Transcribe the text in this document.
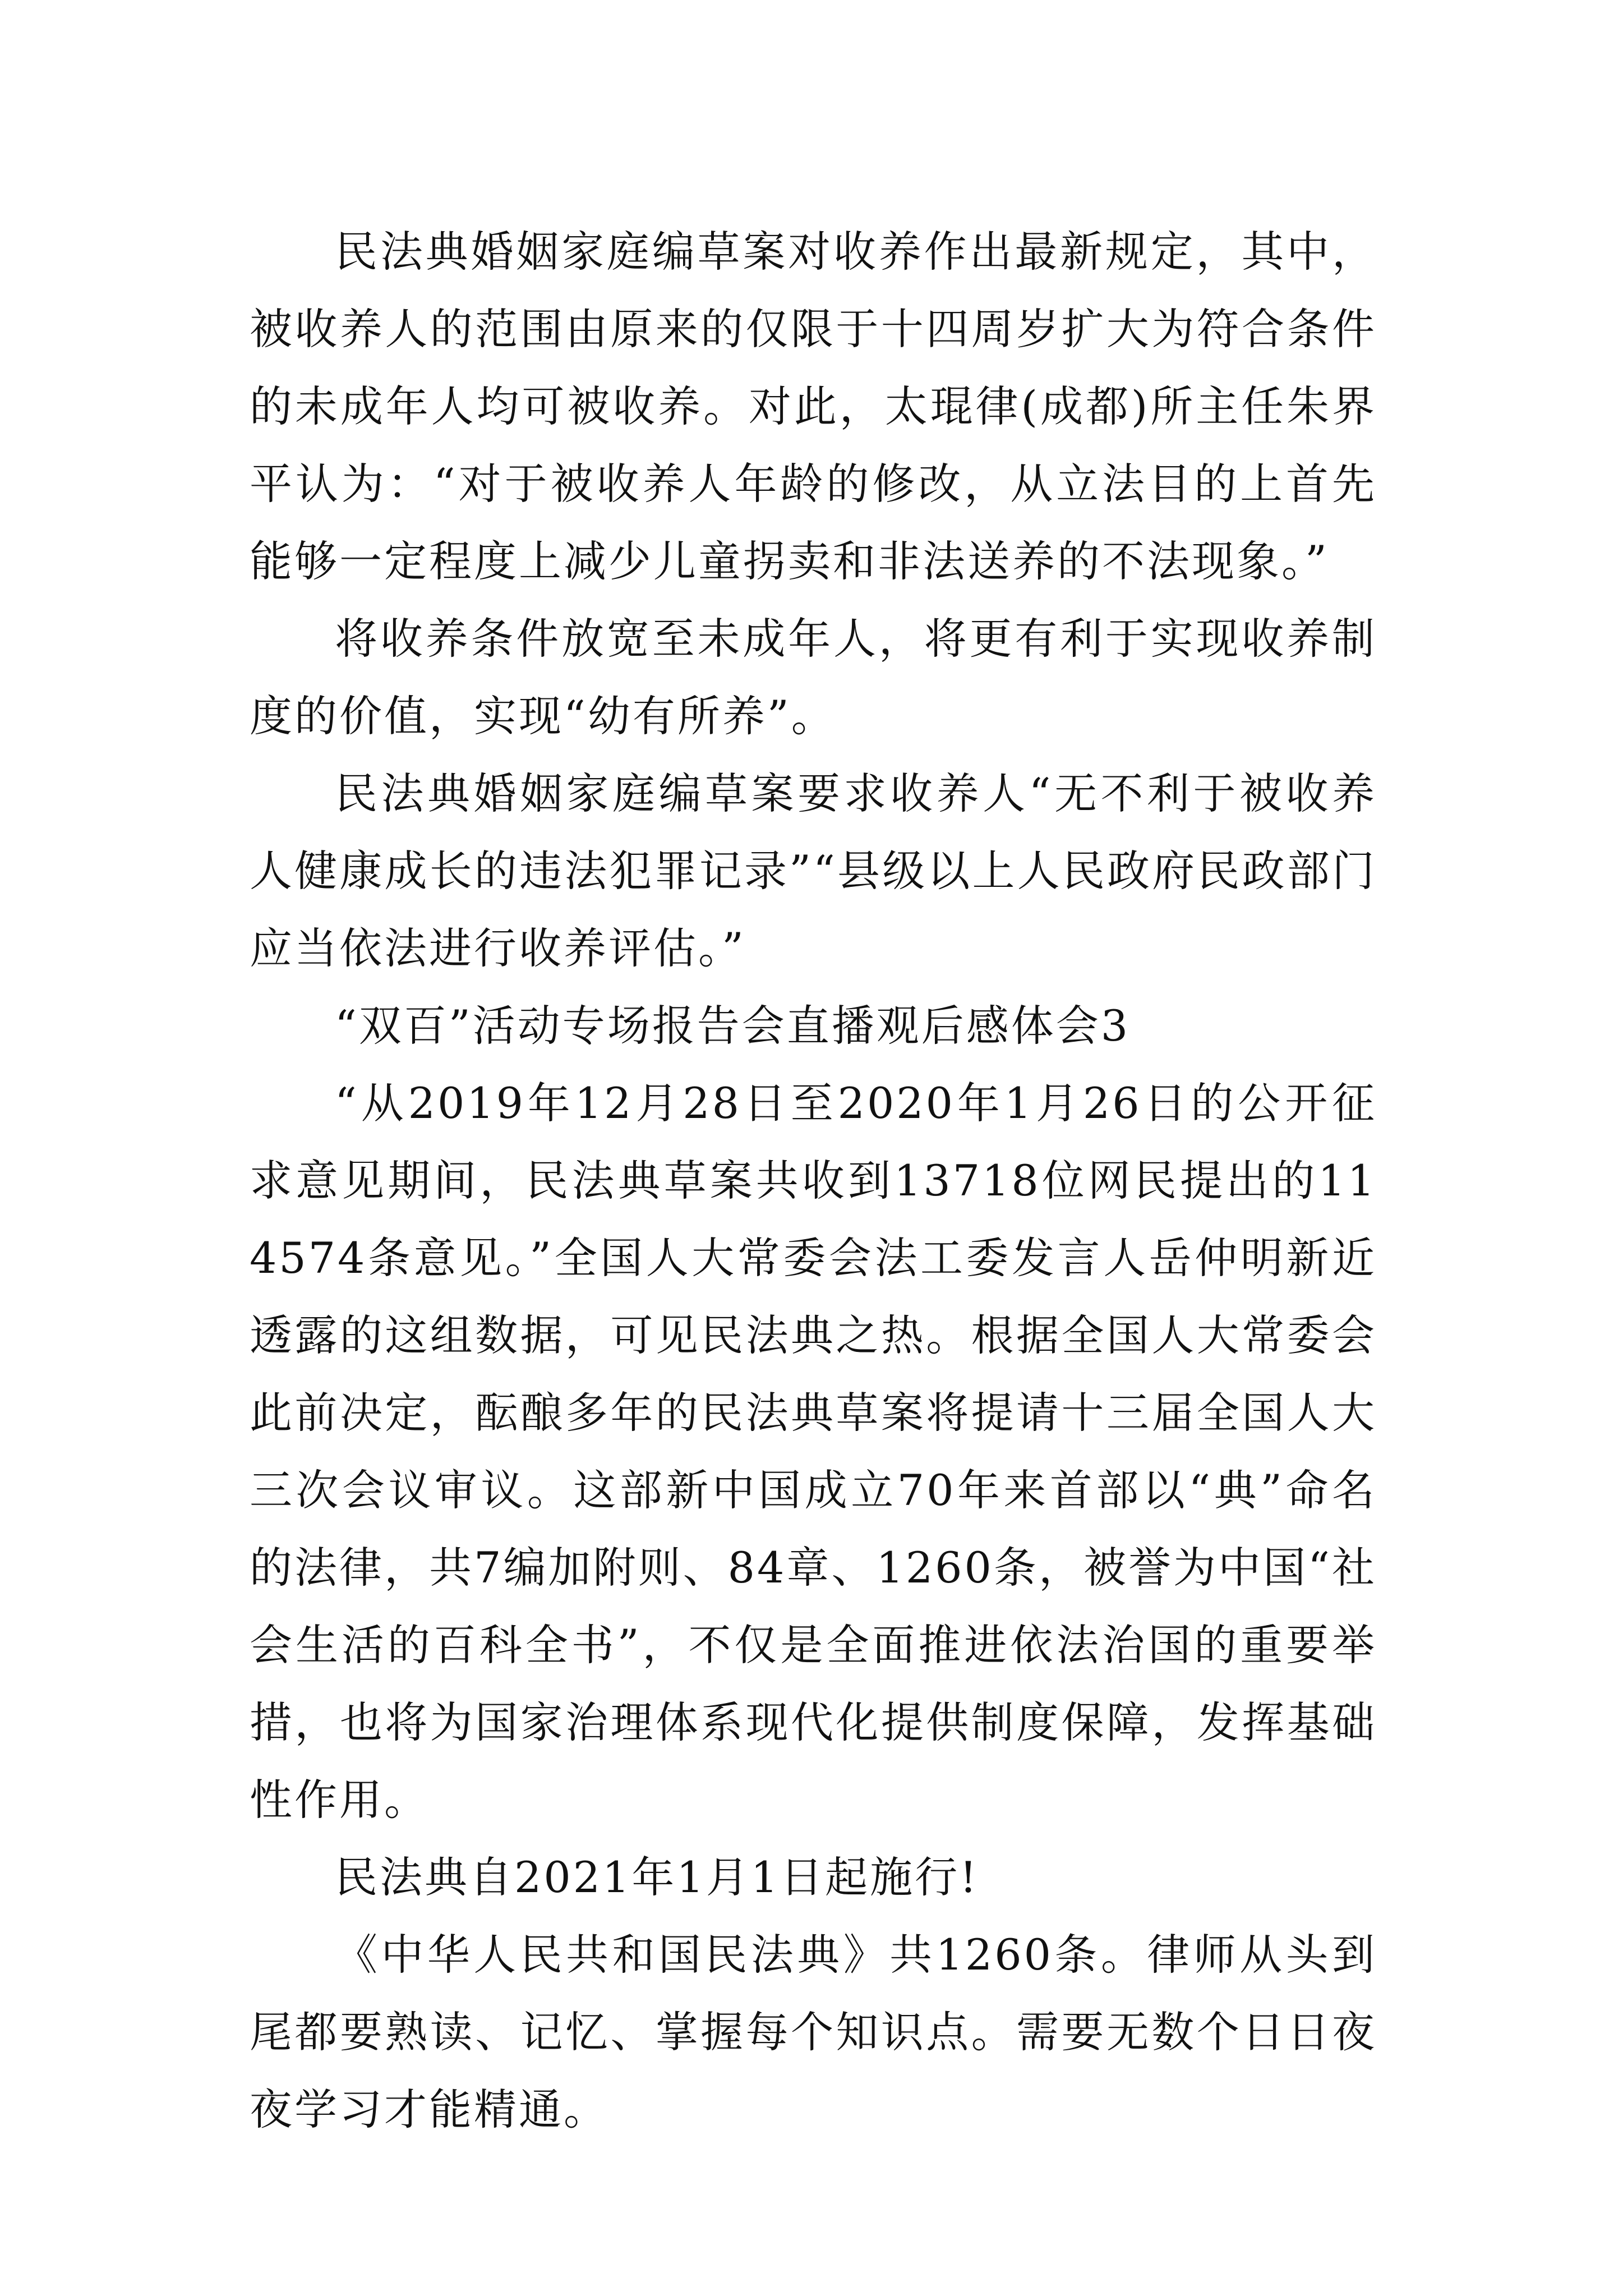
民法典婚姻家庭编草案对收养作出最新规定，其中，被收养人的范围由原来的仅限于十四周岁扩大为符合条件的未成年人均可被收养。对此，太琨律(成都)所主任朱界平认为：“对于被收养人年龄的修改，从立法目的上首先能够一定程度上减少儿童拐卖和非法送养的不法现象。”

将收养条件放宽至未成年人，将更有利于实现收养制度的价值，实现“幼有所养”。

民法典婚姻家庭编草案要求收养人“无不利于被收养人健康成长的违法犯罪记录”“县级以上人民政府民政部门应当依法进行收养评估。”

“双百”活动专场报告会直播观后感体会3

“从2019年12月28日至2020年1月26日的公开征求意见期间，民法典草案共收到13718位网民提出的114574条意见。”全国人大常委会法工委发言人岳仲明新近透露的这组数据，可见民法典之热。根据全国人大常委会此前决定，酝酿多年的民法典草案将提请十三届全国人大三次会议审议。这部新中国成立70年来首部以“典”命名的法律，共7编加附则、84章、1260条，被誉为中国“社会生活的百科全书”，不仅是全面推进依法治国的重要举措，也将为国家治理体系现代化提供制度保障，发挥基础性作用。

民法典自2021年1月1日起施行!

《中华人民共和国民法典》共1260条。律师从头到尾都要熟读、记忆、掌握每个知识点。需要无数个日日夜夜学习才能精通。
